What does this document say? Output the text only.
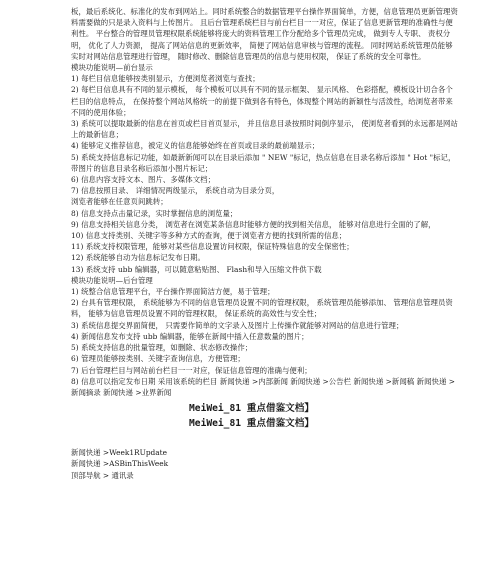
板，最后系统化、标准化的发布到网站上。同时系统整合的数据管理平台操作界面简单，方便，信息管理员更新管理资料需要做的只是录入资料与上传图片。 且后台管理系统栏目与前台栏目一一对应，保证了信息更新管理的准确性与便利性。 平台整合的管理员管理权限系统能够将庞大的资料管理工作分配给多个管理员完成， 做到专人专职、 责权分明， 优化了人力资源， 提高了网站信息的更新效率， 简便了网站信息审核与管理的流程。 同时网站系统管理员能够实时对网站信息管理进行管理， 随时修改、删除信息管理员的信息与使用权限， 保证了系统的安全可靠性。

模块功能说明—前台显示

1) 每栏目信息能够按类别显示，方便浏览者浏览与查找；

2) 每栏目信息具有不同的显示模板， 每个模板可以具有不同的显示框架、 显示风格、 色彩搭配，模板设计切合各个栏目的信息特点， 在保持整个网站风格统一的前提下做到各有特色，体现整个网站的新颖性与活泼性，给浏览者带来不同的使用体验；

3) 系统可以提取最新的信息在首页或栏目首页显示， 并且信息目录按照时间倒序显示， 使浏览者看到的永远都是网站上的最新信息；

4) 能够定义推荐信息，被定义的信息能够始终在首页或目录的最前端显示；

5) 系统支持信息标记功能，如最新新闻可以在目录后添加 " NEW "标记，热点信息在目录名称后添加 " Hot "标记，带图片的信息目录名称后添加小图片标记；

6) 信息内容支持文本、图片、多媒体文档；

7) 信息按照目录、 详细情况两级显示， 系统自动为目录分页，

浏览者能够在任意页间跳转；

8) 信息支持点击量记录，实时掌握信息的浏览量；

9) 信息支持相关信息分类， 浏览者在浏览某条信息时能够方便的找到相关信息， 能够对信息进行全面的了解，

10) 信息支持类别、关键字等多种方式的查询，便于浏览者方便的找到所需的信息；

11) 系统支持权限管理，能够对某些信息设置访问权限，保证特殊信息的安全保密性；

12) 系统能够自动为信息标记发布日期。

13) 系统支持 ubb 编辑器，可以随意粘贴图、 Flash和导入压缩文件供下载

模块功能说明—后台管理

1) 统整合信息管理平台，平台操作界面简洁方便，易于管理；

2) 台具有管理权限， 系统能够为不同的信息管理员设置不同的管理权限， 系统管理员能够添加、 管理信息管理员资料， 能够为信息管理员设置不同的管理权限， 保证系统的高效性与安全性；

3) 系统信息提交界面简便， 只需要作简单的文字录入及图片上传操作就能够对网站的信息进行管理；

4) 新闻信息发布支持 ubb 编辑器，能够在新闻中插入任意数量的图片；

5) 系统支持信息的批量管理，如删除、状态修改操作；

6) 管理员能够按类别、关键字查询信息，方便管理；

7) 后台管理栏目与网站前台栏目一一对应，保证信息管理的准确与便利；

8) 信息可以指定发布日期 采用该系统的栏目 新闻快递 >内部新闻 新闻快递 >公告栏 新闻快递 >新闻稿 新闻快递 > 新闻摘录 新闻快递 >业界新闻

MeiWei_81 重点借鉴文档】

MeiWei_81 重点借鉴文档】

新闻快递 >Week1RUpdate

新闻快递 >ASBinThisWeek

顶部导航 > 通讯录
